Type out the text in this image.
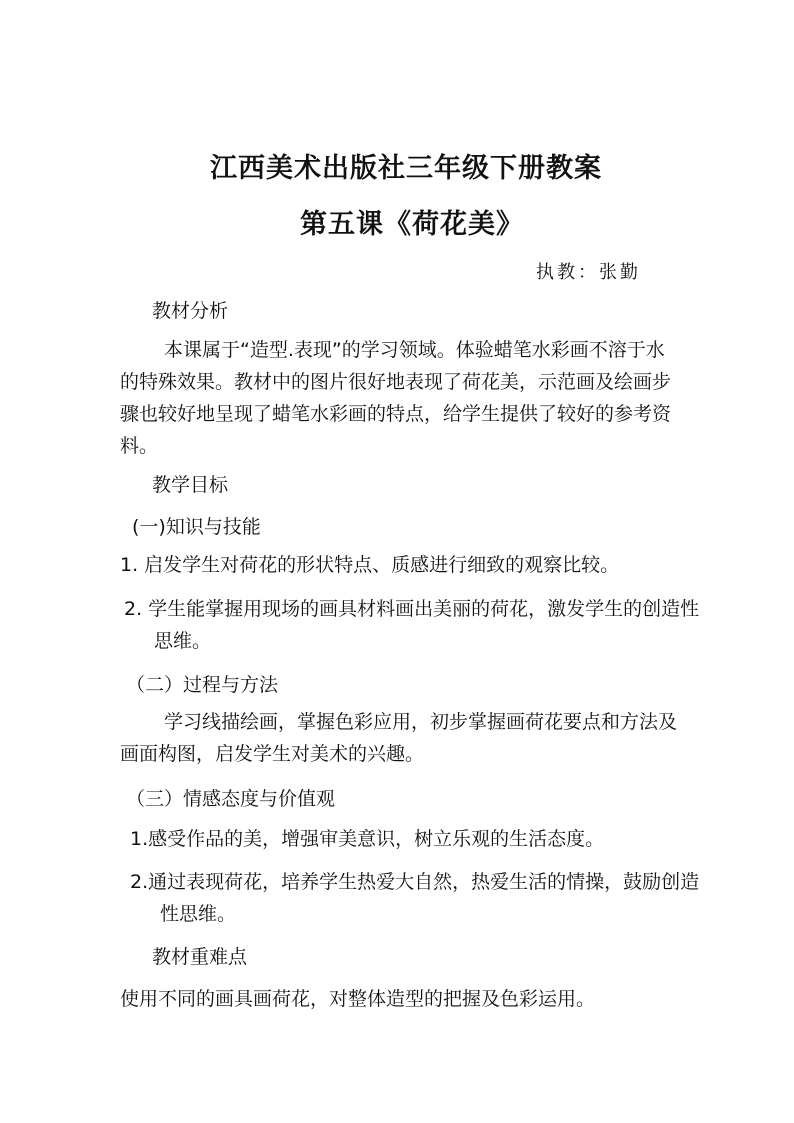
江西美术出版社三年级下册教案
第五课《荷花美》
执教：张勤
教材分析
本课属于“造型.表现”的学习领域。体验蜡笔水彩画不溶于水的特殊效果。教材中的图片很好地表现了荷花美，示范画及绘画步骤也较好地呈现了蜡笔水彩画的特点，给学生提供了较好的参考资料。
教学目标
(一)知识与技能
1. 启发学生对荷花的形状特点、质感进行细致的观察比较。
2. 学生能掌握用现场的画具材料画出美丽的荷花，激发学生的创造性思维。
（二）过程与方法
学习线描绘画，掌握色彩应用，初步掌握画荷花要点和方法及画面构图，启发学生对美术的兴趣。
（三）情感态度与价值观
1.感受作品的美，增强审美意识，树立乐观的生活态度。
2.通过表现荷花，培养学生热爱大自然，热爱生活的情操，鼓励创造性思维。
教材重难点
使用不同的画具画荷花，对整体造型的把握及色彩运用。
